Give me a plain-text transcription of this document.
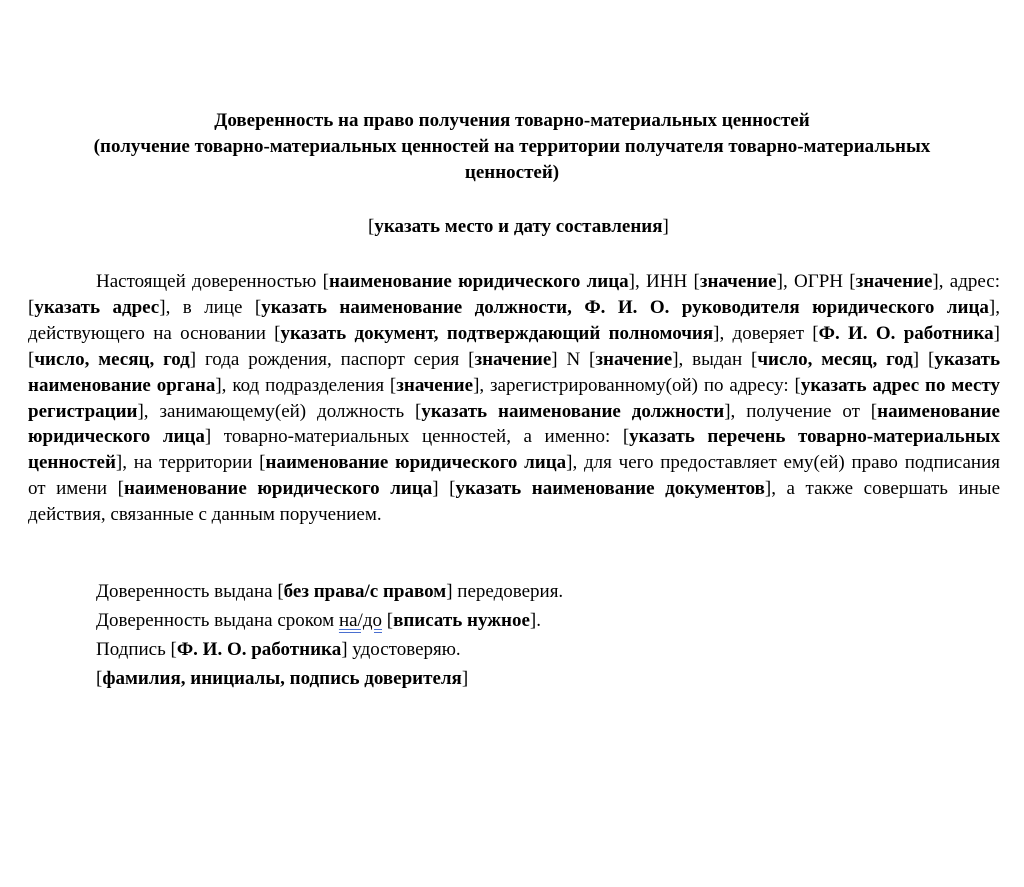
Доверенность на право получения товарно-материальных ценностей
(получение товарно-материальных ценностей на территории получателя товарно-материальных ценностей)
[указать место и дату составления]

Настоящей доверенностью [наименование юридического лица], ИНН [значение], ОГРН [значение], адрес: [указать адрес], в лице [указать наименование должности, Ф. И. О. руководителя юридического лица], действующего на основании [указать документ, подтверждающий полномочия], доверяет [Ф. И. О. работника] [число, месяц, год] года рождения, паспорт серия [значение] N [значение], выдан [число, месяц, год] [указать наименование органа], код подразделения [значение], зарегистрированному(ой) по адресу: [указать адрес по месту регистрации], занимающему(ей) должность [указать наименование должности], получение от [наименование юридического лица] товарно-материальных ценностей, а именно: [указать перечень товарно-материальных ценностей], на территории [наименование юридического лица], для чего предоставляет ему(ей) право подписания от имени [наименование юридического лица] [указать наименование документов], а также совершать иные действия, связанные с данным поручением.

Доверенность выдана [без права/с правом] передоверия.
Доверенность выдана сроком на/до [вписать нужное].
Подпись [Ф. И. О. работника] удостоверяю.
[фамилия, инициалы, подпись доверителя]
